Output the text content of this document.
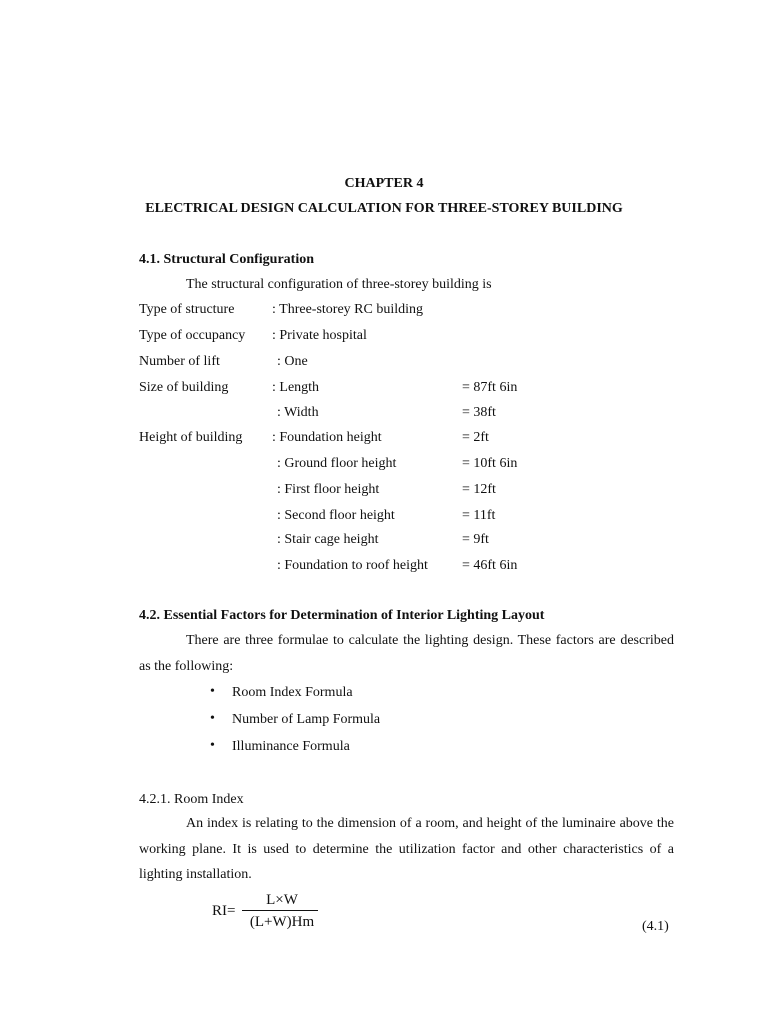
CHAPTER 4
ELECTRICAL DESIGN CALCULATION FOR THREE-STOREY BUILDING
4.1. Structural Configuration
The structural configuration of three-storey building is
Type of structure	: Three-storey RC building
Type of occupancy : Private hospital
Number of lift	: One
Size of building	: Length	= 87ft 6in
: Width	= 38ft
Height of building : Foundation height	= 2ft
: Ground floor height	= 10ft 6in
: First floor height	= 12ft
: Second floor height	= 11ft
: Stair cage height	= 9ft
: Foundation to roof height = 46ft 6in
4.2. Essential Factors for Determination of Interior Lighting Layout
There are three formulae to calculate the lighting design. These factors are described as the following:
• Room Index Formula
• Number of Lamp Formula
• Illuminance Formula
4.2.1. Room Index
An index is relating to the dimension of a room, and height of the luminaire above the working plane. It is used to determine the utilization factor and other characteristics of a lighting installation.
RI=
L×W
(L+W)Hm	(4.1)
